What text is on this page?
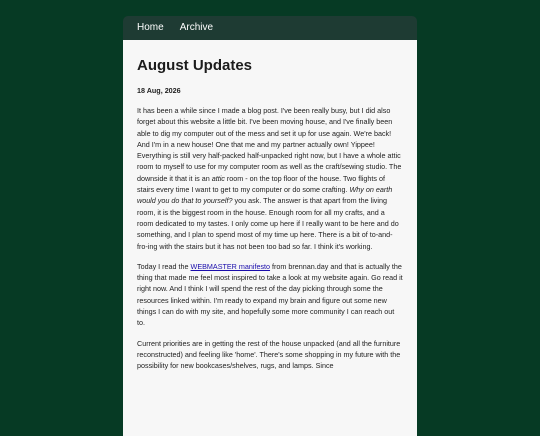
Home Archive
August Updates

18 Aug, 2026

It has been a while since I made a blog post. I've been really busy, but I did also forget about this website a little bit. I've been moving house, and I've finally been able to dig my computer out of the mess and set it up for use again. We're back! And I'm in a new house! One that me and my partner actually own! Yippee!

Everything is still very half-packed half-unpacked right now, but I have a whole attic room to myself to use for my computer room as well as the craft/sewing studio. The downside it that it is an attic room - on the top floor of the house. Two flights of stairs every time I want to get to my computer or do some crafting. Why on earth would you do that to yourself? you ask. The answer is that apart from the living room, it is the biggest room in the house. Enough room for all my crafts, and a room dedicated to my tastes. I only come up here if I really want to be here and do something, and I plan to spend most of my time up here. There is a bit of to-and-fro-ing with the stairs but it has not been too bad so far. I think it's working.

Today I read the WEBMASTER manifesto from brennan.day and that is actually the thing that made me feel most inspired to take a look at my website again. Go read it right now. And I think I will spend the rest of the day picking through some the resources linked within. I'm ready to expand my brain and figure out some new things I can do with my site, and hopefully some more community I can reach out to.

Current priorities are in getting the rest of the house unpacked (and all the furniture reconstructed) and feeling like 'home'. There's some shopping in my future with the possibility for new bookcases/shelves, rugs, and lamps. Since
